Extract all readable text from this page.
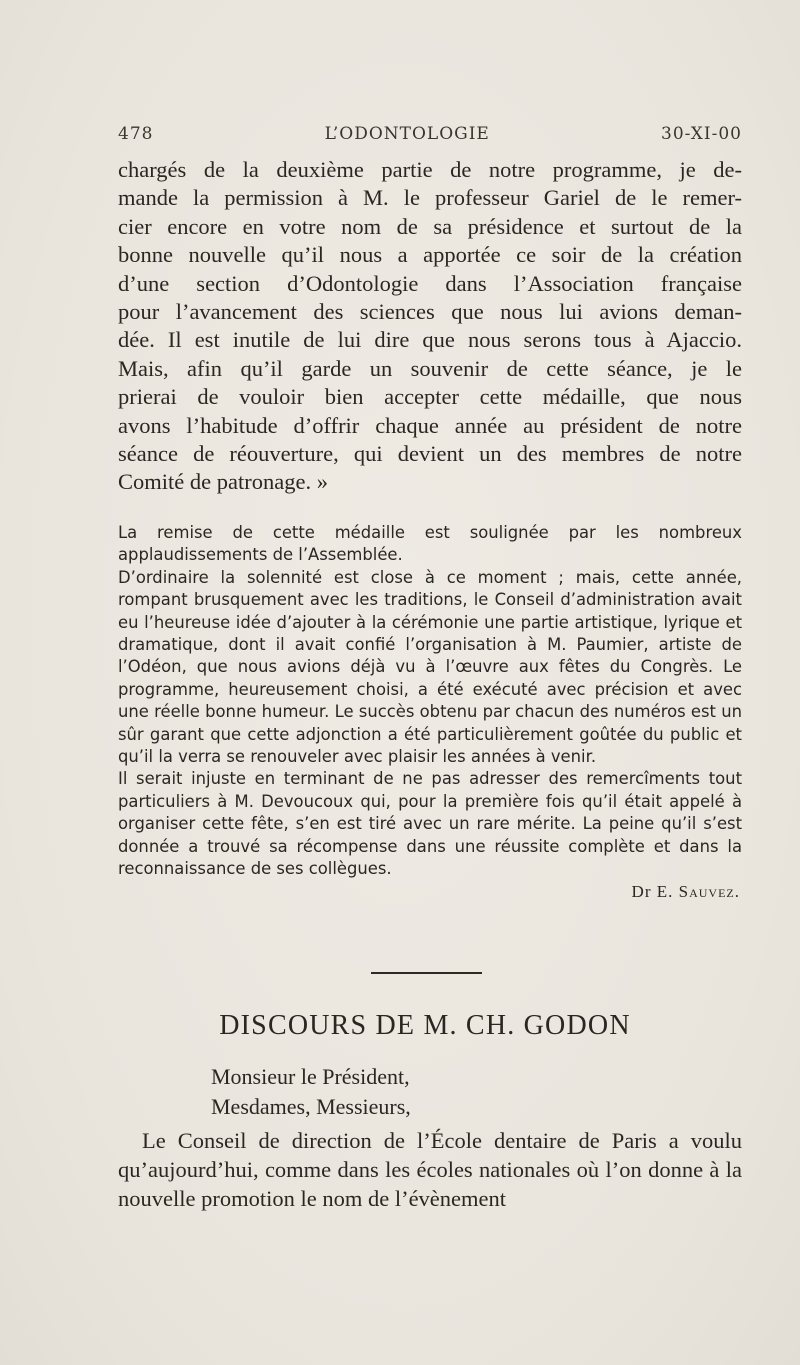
478	L’ODONTOLOGIE	30-XI-00

chargés de la deuxième partie de notre programme, je de-

mande la permission à M. le professeur Gariel de le remer-

cier encore en votre nom de sa présidence et surtout de la

bonne nouvelle qu’il nous a apportée ce soir de la création

d’une section d’Odontologie dans l’Association française

pour l’avancement des sciences que nous lui avions deman-

dée. Il est inutile de lui dire que nous serons tous à Ajaccio.

Mais, afin qu’il garde un souvenir de cette séance, je le

prierai de vouloir bien accepter cette médaille, que nous

avons l’habitude d’offrir chaque année au président de notre

séance de réouverture, qui devient un des membres de notre

Comité de patronage. »

La remise de cette médaille est soulignée par les nombreux applaudissements de l’Assemblée.

D’ordinaire la solennité est close à ce moment ; mais, cette année, rompant brusquement avec les traditions, le Conseil d’administration avait eu l’heureuse idée d’ajouter à la cérémonie une partie artistique, lyrique et dramatique, dont il avait confié l’organisation à M. Paumier, artiste de l’Odéon, que nous avions déjà vu à l’œuvre aux fêtes du Congrès. Le programme, heureusement choisi, a été exécuté avec précision et avec une réelle bonne humeur. Le succès obtenu par chacun des numéros est un sûr garant que cette adjonction a été particulièrement goûtée du public et qu’il la verra se renouveler avec plaisir les années à venir.

Il serait injuste en terminant de ne pas adresser des remercîments tout particuliers à M. Devoucoux qui, pour la première fois qu’il était appelé à organiser cette fête, s’en est tiré avec un rare mérite. La peine qu’il s’est donnée a trouvé sa récompense dans une réussite complète et dans la reconnaissance de ses collègues.

Dr E. Sauvez.
DISCOURS DE M. CH. GODON
Monsieur le Président,
Mesdames, Messieurs,

Le Conseil de direction de l’École dentaire de Paris a voulu qu’aujourd’hui, comme dans les écoles nationales où l’on donne à la nouvelle promotion le nom de l’évènement
